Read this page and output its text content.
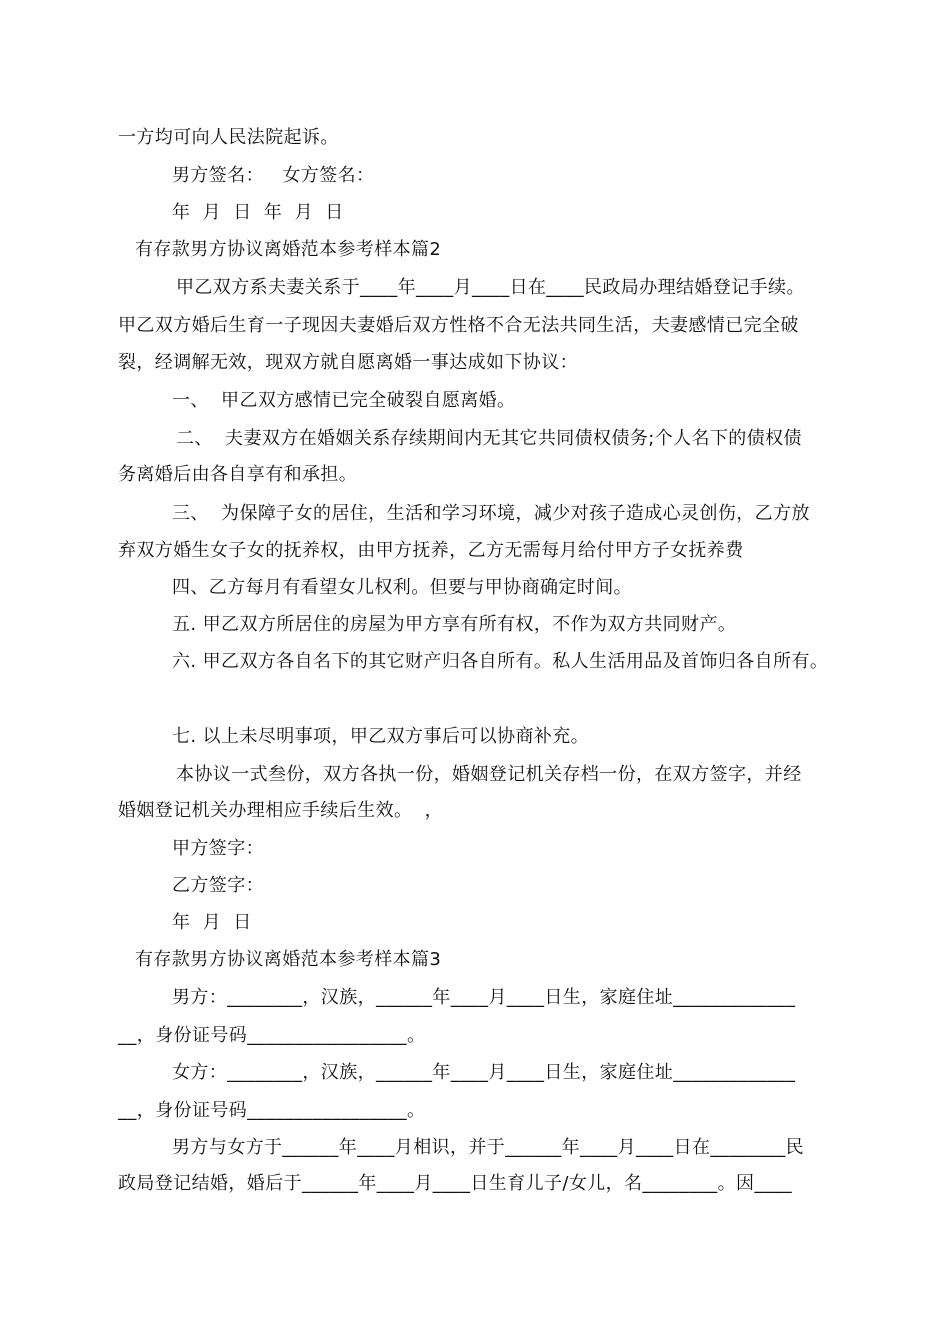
一方均可向人民法院起诉。
男方签名：   女方签名：
年  月  日  年  月  日
有存款男方协议离婚范本参考样本篇2
甲乙双方系夫妻关系于____年____月____日在____民政局办理结婚登记手续。
甲乙双方婚后生育一子现因夫妻婚后双方性格不合无法共同生活，夫妻感情已完全破
裂，经调解无效，现双方就自愿离婚一事达成如下协议：
一、  甲乙双方感情已完全破裂自愿离婚。
二、  夫妻双方在婚姻关系存续期间内无其它共同债权债务;个人名下的债权债
务离婚后由各自享有和承担。
三、  为保障子女的居住，生活和学习环境，减少对孩子造成心灵创伤，乙方放
弃双方婚生女子女的抚养权，由甲方抚养，乙方无需每月给付甲方子女抚养费
四、乙方每月有看望女儿权利。但要与甲协商确定时间。
五. 甲乙双方所居住的房屋为甲方享有所有权，不作为双方共同财产。
六. 甲乙双方各自名下的其它财产归各自所有。私人生活用品及首饰归各自所有。
七. 以上未尽明事项，甲乙双方事后可以协商补充。
本协议一式叁份，双方各执一份，婚姻登记机关存档一份，在双方签字，并经
婚姻登记机关办理相应手续后生效。  ，
甲方签字：
乙方签字：
年  月  日
有存款男方协议离婚范本参考样本篇3
男方：________，汉族，______年____月____日生，家庭住址_____________
__，身份证号码_________________。
女方：________，汉族，______年____月____日生，家庭住址_____________
__，身份证号码_________________。
男方与女方于______年____月相识，并于______年____月____日在________民
政局登记结婚，婚后于______年____月____日生育儿子/女儿，名________。因____
